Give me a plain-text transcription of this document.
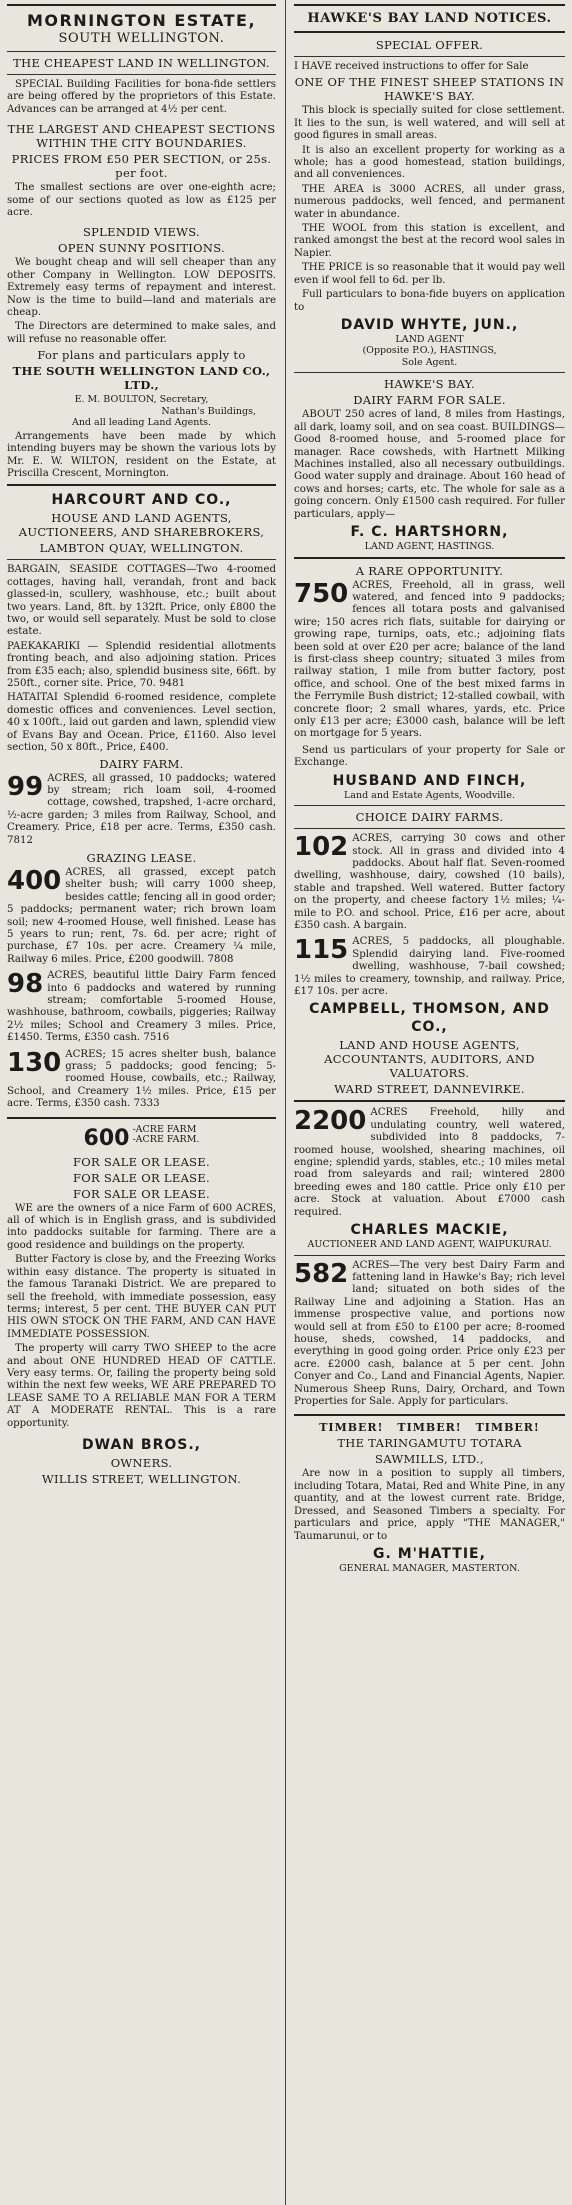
MORNINGTON ESTATE,
SOUTH WELLINGTON.
THE CHEAPEST LAND IN WELLINGTON.

SPECIAL Building Facilities for bona-fide settlers are being offered by the proprietors of this Estate. Advances can be arranged at 4½ per cent.

THE LARGEST AND CHEAPEST SECTIONS WITHIN THE CITY BOUNDARIES.
PRICES FROM £50 PER SECTION, or 25s. per foot.

The smallest sections are over one-eighth acre; some of our sections quoted as low as £125 per acre.

SPLENDID VIEWS.
OPEN SUNNY POSITIONS.

We bought cheap and will sell cheaper than any other Company in Wellington. LOW DEPOSITS. Extremely easy terms of repayment and interest. Now is the time to build—land and materials are cheap.

The Directors are determined to make sales, and will refuse no reasonable offer.

For plans and particulars apply to
THE SOUTH WELLINGTON LAND CO., LTD.,
E. M. BOULTON, Secretary,
Nathan's Buildings,
And all leading Land Agents.

Arrangements have been made by which intending buyers may be shown the various lots by Mr. E. W. WILTON, resident on the Estate, at Priscilla Crescent, Mornington.

HARCOURT AND CO.,
HOUSE AND LAND AGENTS, AUCTIONEERS, AND SHAREBROKERS,
LAMBTON QUAY, WELLINGTON.

BARGAIN, SEASIDE COTTAGES—Two 4-roomed cottages, having hall, verandah, front and back glassed-in, scullery, washhouse, etc.; built about two years. Land, 8ft. by 132ft. Price, only £800 the two, or would sell separately. Must be sold to close estate.

PAEKAKARIKI — Splendid residential allotments fronting beach, and also adjoining station. Prices from £35 each; also, splendid business site, 66ft. by 250ft., corner site. Price, 70. 9481

HATAITAI Splendid 6-roomed residence, complete domestic offices and conveniences. Level section, 40 x 100ft., laid out garden and lawn, splendid view of Evans Bay and Ocean. Price, £1160. Also level section, 50 x 80ft., Price, £400.

DAIRY FARM.
99 ACRES, all grassed, 10 paddocks; watered by stream; rich loam soil, 4-roomed cottage, cowshed, trapshed, 1-acre orchard, ½-acre garden; 3 miles from Railway, School, and Creamery. Price, £18 per acre. Terms, £350 cash. 7812

GRAZING LEASE.
400 ACRES, all grassed, except patch shelter bush; will carry 1000 sheep, besides cattle; fencing all in good order; 5 paddocks; permanent water; rich brown loam soil; new 4-roomed House, well finished. Lease has 5 years to run; rent, 7s. 6d. per acre; right of purchase, £7 10s. per acre. Creamery ¼ mile, Railway 6 miles. Price, £200 goodwill. 7808

98 ACRES, beautiful little Dairy Farm fenced into 6 paddocks and watered by running stream; comfortable 5-roomed House, washhouse, bathroom, cowbails, piggeries; Railway 2½ miles; School and Creamery 3 miles. Price, £1450. Terms, £350 cash. 7516

130 ACRES; 15 acres shelter bush, balance grass; 5 paddocks; good fencing; 5-roomed House, cowbails, etc.; Railway, School, and Creamery 1½ miles. Price, £15 per acre. Terms, £350 cash. 7333

600 -ACRE FARM
-ACRE FARM.
FOR SALE OR LEASE.
FOR SALE OR LEASE.
FOR SALE OR LEASE.

WE are the owners of a nice Farm of 600 ACRES, all of which is in English grass, and is subdivided into paddocks suitable for farming. There are a good residence and buildings on the property.

Butter Factory is close by, and the Freezing Works within easy distance. The property is situated in the famous Taranaki District. We are prepared to sell the freehold, with immediate possession, easy terms; interest, 5 per cent. THE BUYER CAN PUT HIS OWN STOCK ON THE FARM, AND CAN HAVE IMMEDIATE POSSESSION.

The property will carry TWO SHEEP to the acre and about ONE HUNDRED HEAD OF CATTLE. Very easy terms. Or, failing the property being sold within the next few weeks, WE ARE PREPARED TO LEASE SAME TO A RELIABLE MAN FOR A TERM AT A MODERATE RENTAL. This is a rare opportunity.

DWAN BROS.,
OWNERS.
WILLIS STREET, WELLINGTON.
HAWKE'S BAY LAND NOTICES.
SPECIAL OFFER.

I HAVE received instructions to offer for Sale

ONE OF THE FINEST SHEEP STATIONS IN HAWKE'S BAY.

This block is specially suited for close settlement. It lies to the sun, is well watered, and will sell at good figures in small areas.

It is also an excellent property for working as a whole; has a good homestead, station buildings, and all conveniences.

THE AREA is 3000 ACRES, all under grass, numerous paddocks, well fenced, and permanent water in abundance.

THE WOOL from this station is excellent, and ranked amongst the best at the record wool sales in Napier.

THE PRICE is so reasonable that it would pay well even if wool fell to 6d. per lb.

Full particulars to bona-fide buyers on application to

DAVID WHYTE, JUN.,
LAND AGENT
(Opposite P.O.), HASTINGS,
Sole Agent.
HAWKE'S BAY.
DAIRY FARM FOR SALE.

ABOUT 250 acres of land, 8 miles from Hastings, all dark, loamy soil, and on sea coast. BUILDINGS—Good 8-roomed house, and 5-roomed place for manager. Race cowsheds, with Hartnett Milking Machines installed, also all necessary outbuildings. Good water supply and drainage. About 160 head of cows and horses; carts, etc. The whole for sale as a going concern. Only £1500 cash required. For fuller particulars, apply—

F. C. HARTSHORN,
LAND AGENT, HASTINGS.
A RARE OPPORTUNITY.
750 ACRES, Freehold, all in grass, well watered, and fenced into 9 paddocks; fences all totara posts and galvanised wire; 150 acres rich flats, suitable for dairying or growing rape, turnips, oats, etc.; adjoining flats been sold at over £20 per acre; balance of the land is first-class sheep country; situated 3 miles from railway station, 1 mile from butter factory, post office, and school. One of the best mixed farms in the Ferrymile Bush district; 12-stalled cowbail, with concrete floor; 2 small whares, yards, etc. Price only £13 per acre; £3000 cash, balance will be left on mortgage for 5 years.

Send us particulars of your property for Sale or Exchange.

HUSBAND AND FINCH,
Land and Estate Agents, Woodville.
CHOICE DAIRY FARMS.
102 ACRES, carrying 30 cows and other stock. All in grass and divided into 4 paddocks. About half flat. Seven-roomed dwelling, washhouse, dairy, cowshed (10 bails), stable and trapshed. Well watered. Butter factory on the property, and cheese factory 1½ miles; ¼-mile to P.O. and school. Price, £16 per acre, about £350 cash. A bargain.

115 ACRES, 5 paddocks, all ploughable. Splendid dairying land. Five-roomed dwelling, washhouse, 7-bail cowshed; 1½ miles to creamery, township, and railway. Price, £17 10s. per acre.

CAMPBELL, THOMSON, AND CO.,
LAND AND HOUSE AGENTS, ACCOUNTANTS, AUDITORS, AND VALUATORS.
WARD STREET, DANNEVIRKE.
2200 ACRES Freehold, hilly and undulating country, well watered, subdivided into 8 paddocks, 7-roomed house, woolshed, shearing machines, oil engine; splendid yards, stables, etc.; 10 miles metal road from saleyards and rail; wintered 2800 breeding ewes and 180 cattle. Price only £10 per acre. Stock at valuation. About £7000 cash required.

CHARLES MACKIE,
AUCTIONEER AND LAND AGENT, WAIPUKURAU.
582 ACRES—The very best Dairy Farm and fattening land in Hawke's Bay; rich level land; situated on both sides of the Railway Line and adjoining a Station. Has an immense prospective value, and portions now would sell at from £50 to £100 per acre; 8-roomed house, sheds, cowshed, 14 paddocks, and everything in good going order. Price only £23 per acre. £2000 cash, balance at 5 per cent. John Conyer and Co., Land and Financial Agents, Napier. Numerous Sheep Runs, Dairy, Orchard, and Town Properties for Sale. Apply for particulars.

TIMBER! TIMBER! TIMBER!
THE TARINGAMUTU TOTARA
SAWMILLS, LTD.,

Are now in a position to supply all timbers, including Totara, Matai, Red and White Pine, in any quantity, and at the lowest current rate. Bridge, Dressed, and Seasoned Timbers a specialty. For particulars and price, apply "THE MANAGER," Taumarunui, or to

G. M'HATTIE,
GENERAL MANAGER, MASTERTON.
